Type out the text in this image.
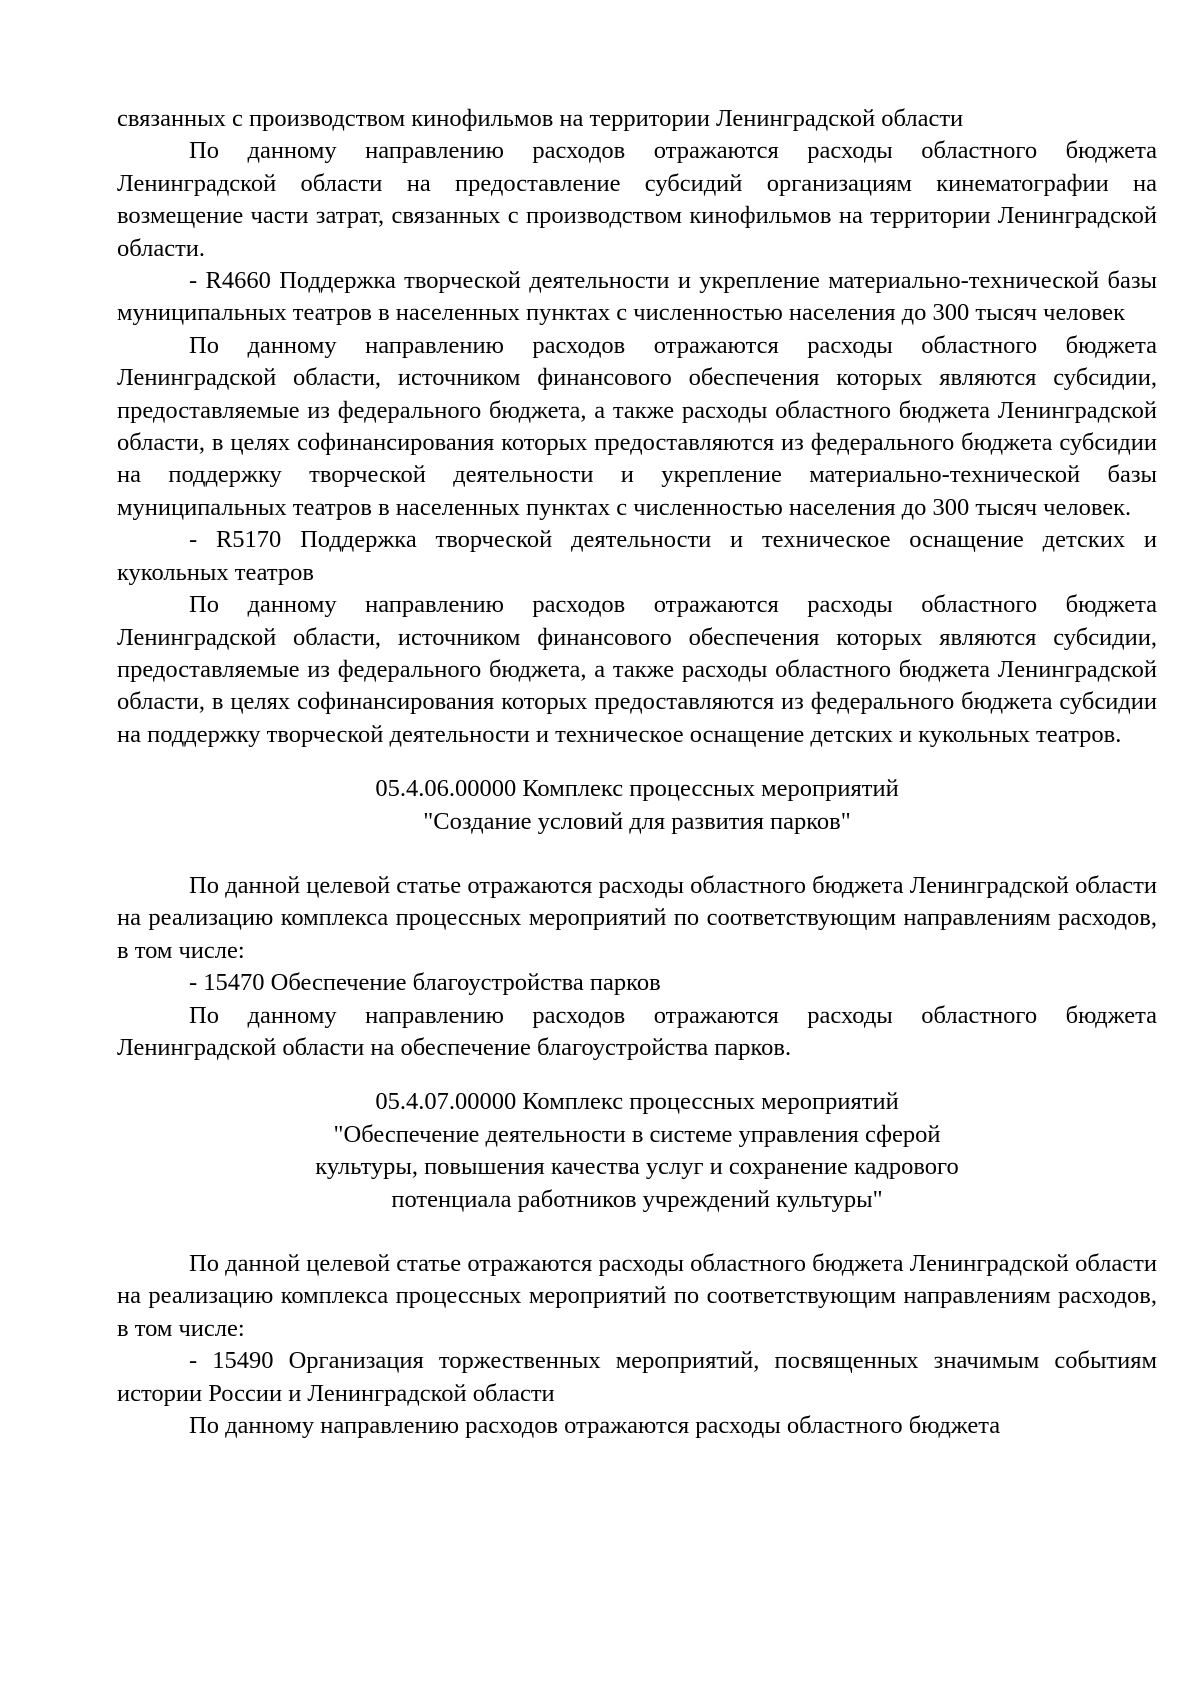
связанных с производством кинофильмов на территории Ленинградской области

По данному направлению расходов отражаются расходы областного бюджета Ленинградской области на предоставление субсидий организациям кинематографии на возмещение части затрат, связанных с производством кинофильмов на территории Ленинградской области.

- R4660 Поддержка творческой деятельности и укрепление материально-технической базы муниципальных театров в населенных пунктах с численностью населения до 300 тысяч человек

По данному направлению расходов отражаются расходы областного бюджета Ленинградской области, источником финансового обеспечения которых являются субсидии, предоставляемые из федерального бюджета, а также расходы областного бюджета Ленинградской области, в целях софинансирования которых предоставляются из федерального бюджета субсидии на поддержку творческой деятельности и укрепление материально-технической базы муниципальных театров в населенных пунктах с численностью населения до 300 тысяч человек.

- R5170 Поддержка творческой деятельности и техническое оснащение детских и кукольных театров

По данному направлению расходов отражаются расходы областного бюджета Ленинградской области, источником финансового обеспечения которых являются субсидии, предоставляемые из федерального бюджета, а также расходы областного бюджета Ленинградской области, в целях софинансирования которых предоставляются из федерального бюджета субсидии на поддержку творческой деятельности и техническое оснащение детских и кукольных театров.

05.4.06.00000 Комплекс процессных мероприятий
"Создание условий для развития парков"

По данной целевой статье отражаются расходы областного бюджета Ленинградской области на реализацию комплекса процессных мероприятий по соответствующим направлениям расходов, в том числе:

- 15470 Обеспечение благоустройства парков

По данному направлению расходов отражаются расходы областного бюджета Ленинградской области на обеспечение благоустройства парков.

05.4.07.00000 Комплекс процессных мероприятий
"Обеспечение деятельности в системе управления сферой
культуры, повышения качества услуг и сохранение кадрового
потенциала работников учреждений культуры"

По данной целевой статье отражаются расходы областного бюджета Ленинградской области на реализацию комплекса процессных мероприятий по соответствующим направлениям расходов, в том числе:

- 15490 Организация торжественных мероприятий, посвященных значимым событиям истории России и Ленинградской области

По данному направлению расходов отражаются расходы областного бюджета
